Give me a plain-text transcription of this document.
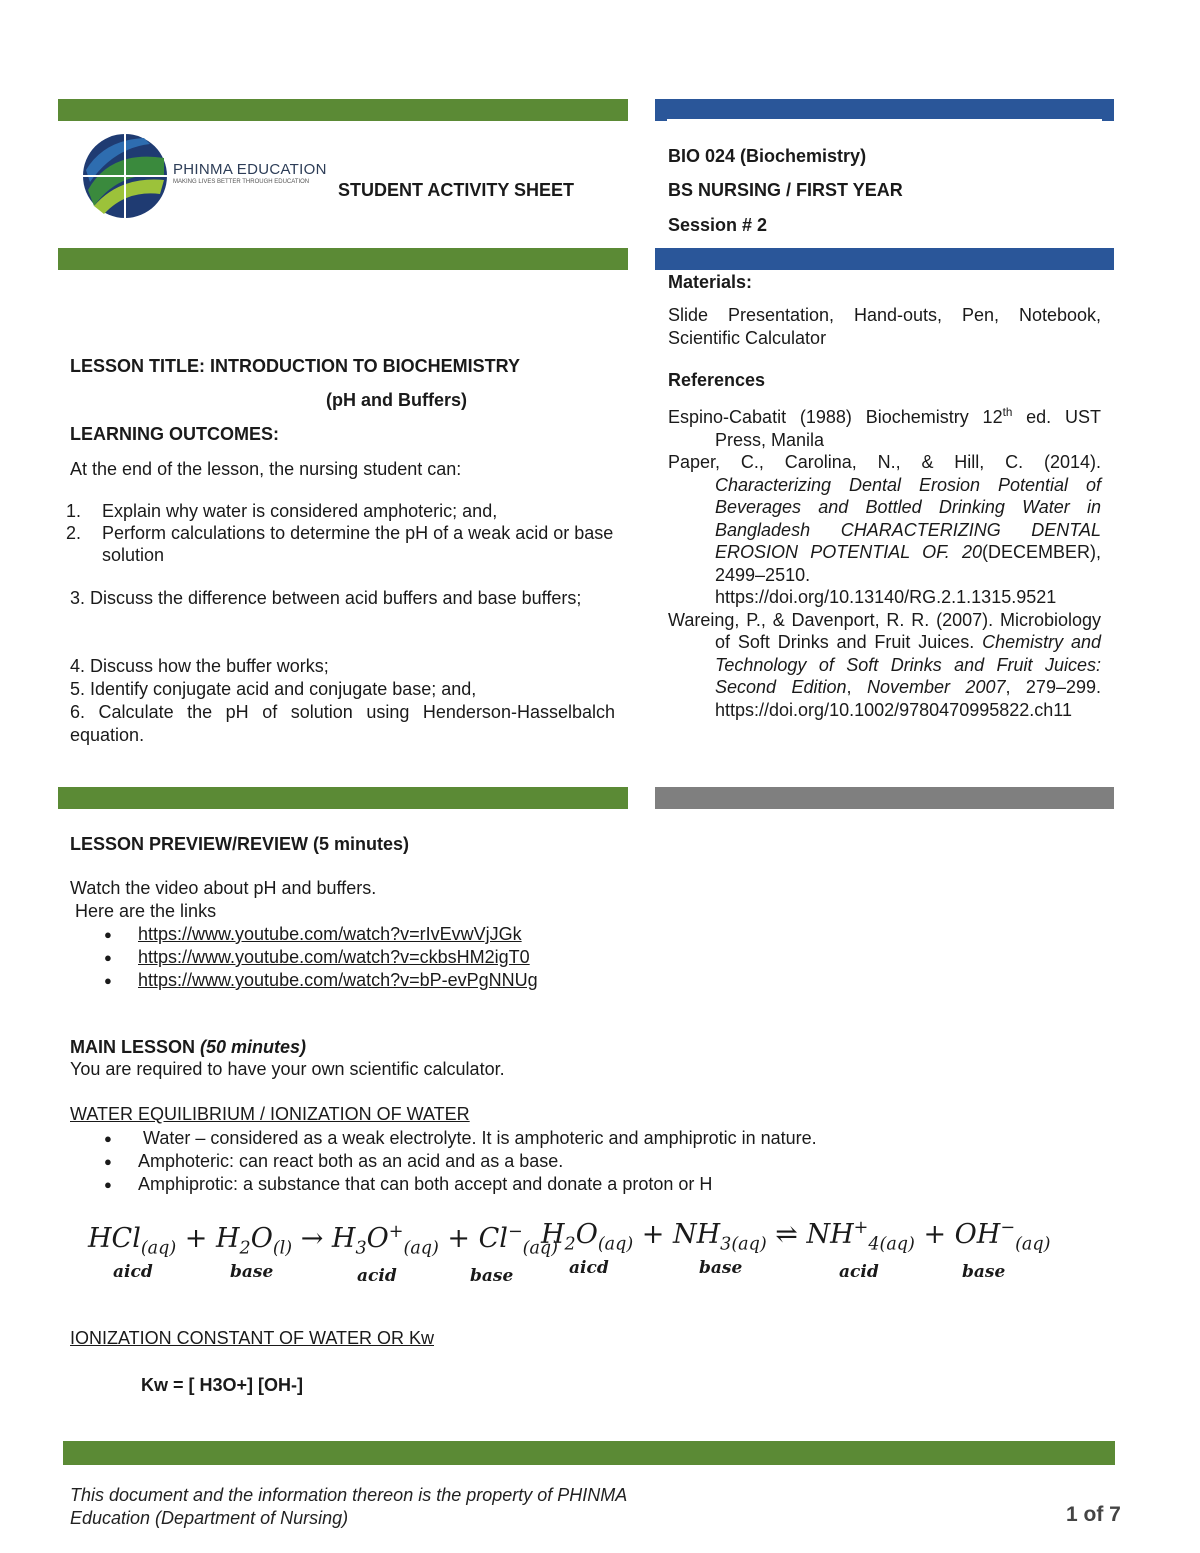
PHINMA EDUCATION
MAKING LIVES BETTER THROUGH EDUCATION STUDENT ACTIVITY SHEET
BIO 024 (Biochemistry)
BS NURSING / FIRST YEAR
Session # 2
Materials:
Slide Presentation, Hand-outs, Pen, Notebook, Scientific Calculator
References
Espino-Cabatit (1988) Biochemistry 12th ed. UST Press, Manila
Paper, C., Carolina, N., & Hill, C. (2014). Characterizing Dental Erosion Potential of Beverages and Bottled Drinking Water in Bangladesh CHARACTERIZING DENTAL EROSION POTENTIAL OF. 20(DECEMBER), 2499–2510. https://doi.org/10.13140/RG.2.1.1315.9521
Wareing, P., & Davenport, R. R. (2007). Microbiology of Soft Drinks and Fruit Juices. Chemistry and Technology of Soft Drinks and Fruit Juices: Second Edition, November 2007, 279–299. https://doi.org/10.1002/9780470995822.ch11
LESSON TITLE: INTRODUCTION TO BIOCHEMISTRY
(pH and Buffers)
LEARNING OUTCOMES:
At the end of the lesson, the nursing student can:
1. Explain why water is considered amphoteric; and,
2. Perform calculations to determine the pH of a weak acid or base solution
3. Discuss the difference between acid buffers and base buffers;
4. Discuss how the buffer works;
5. Identify conjugate acid and conjugate base; and,
6. Calculate the pH of solution using Henderson-Hasselbalch equation.
LESSON PREVIEW/REVIEW (5 minutes)
Watch the video about pH and buffers.
Here are the links
● https://www.youtube.com/watch?v=rIvEvwVjJGk
● https://www.youtube.com/watch?v=ckbsHM2igT0
● https://www.youtube.com/watch?v=bP-evPgNNUg
MAIN LESSON (50 minutes)
You are required to have your own scientific calculator.
WATER EQUILIBRIUM / IONIZATION OF WATER
●  Water – considered as a weak electrolyte. It is amphoteric and amphiprotic in nature.
● Amphoteric: can react both as an acid and as a base.
● Amphiprotic: a substance that can both accept and donate a proton or H
$HCl_{(aq)} + H_2O_{(l)} \to H_3O^+_{(aq)} + Cl^-_{(aq)}$
$H_2O_{(aq)} + NH_{3(aq)}$ ⇌ $NH^+_{4(aq)} + OH^-_{(aq)}$
aicd	base	acid	base	aicd	base	acid	base
IONIZATION CONSTANT OF WATER OR Kw
Kw = [ H3O+] [OH-]
This document and the information thereon is the property of PHINMA Education (Department of Nursing)	1 of 7
